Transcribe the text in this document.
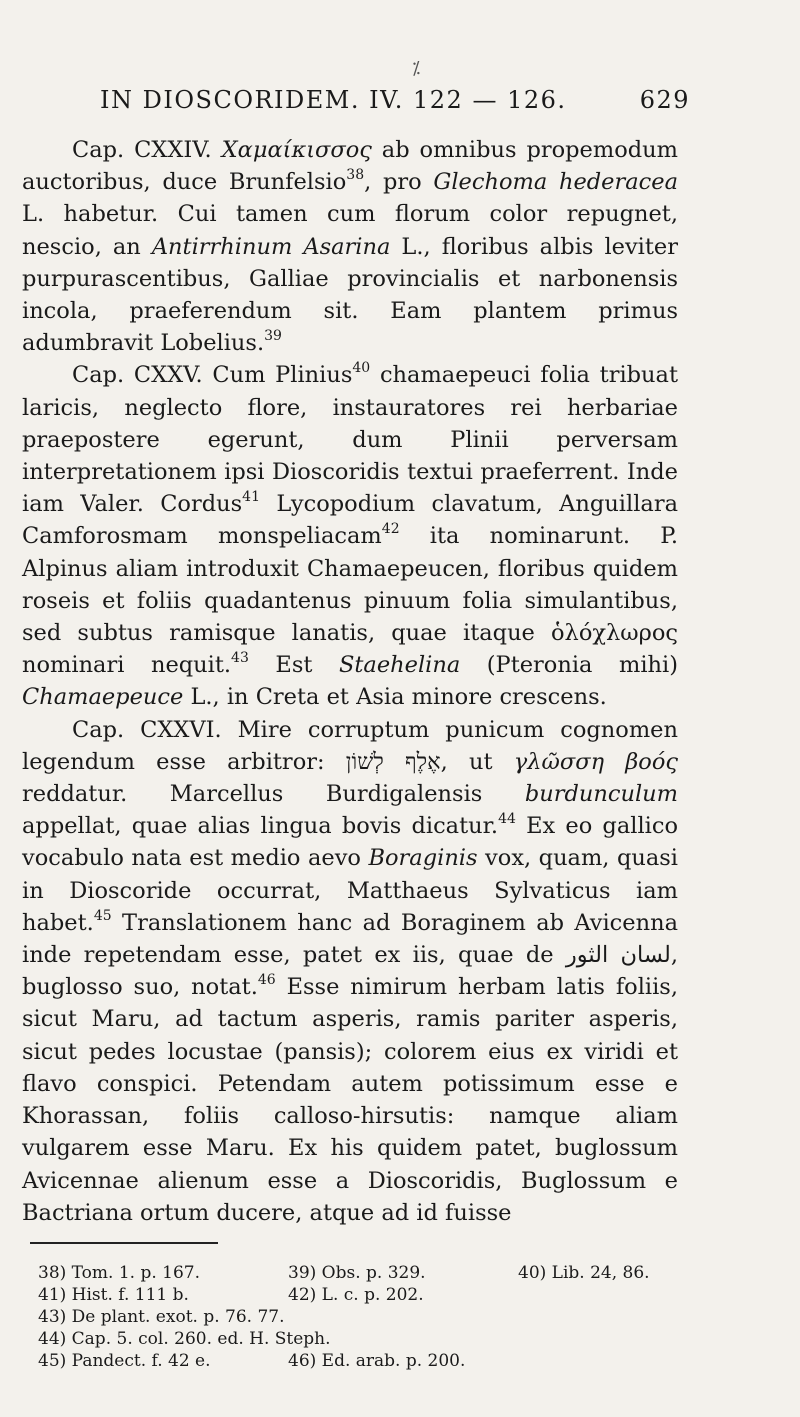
⁒
IN DIOSCORIDEM. IV. 122 — 126.	629

Cap. CXXIV. Χαμαίκισσος ab omnibus propemodum auctoribus, duce Brunfelsio$^{38}$, pro Glechoma hederacea L. habetur. Cui tamen cum florum color repugnet, nescio, an Antirrhinum Asarina L., floribus albis leviter purpurascentibus, Galliae provincialis et narbonensis incola, praeferendum sit. Eam plantem primus adumbravit Lobelius.$^{39}$

Cap. CXXV. Cum Plinius$^{40}$ chamaepeuci folia tribuat laricis, neglecto flore, instauratores rei herbariae praepostere egerunt, dum Plinii perversam interpretationem ipsi Dioscoridis textui praeferrent. Inde iam Valer. Cordus$^{41}$ Lycopodium clavatum, Anguillara Camforosmam monspeliacam$^{42}$ ita nominarunt. P. Alpinus aliam introduxit Chamaepeucen, floribus quidem roseis et foliis quadantenus pinuum folia simulantibus, sed subtus ramisque lanatis, quae itaque ὁλόχλωρος nominari nequit.$^{43}$ Est Staehelina (Pteronia mihi) Chamaepeuce L., in Creta et Asia minore crescens.

Cap. CXXVI. Mire corruptum punicum cognomen legendum esse arbitror: אֶלֶף לְשׁוֹן, ut γλῶσση βοός reddatur. Marcellus Burdigalensis burdunculum appellat, quae alias lingua bovis dicatur.$^{44}$ Ex eo gallico vocabulo nata est medio aevo Boraginis vox, quam, quasi in Dioscoride occurrat, Matthaeus Sylvaticus iam habet.$^{45}$ Translationem hanc ad Boraginem ab Avicenna inde repetendam esse, patet ex iis, quae de لسان الثور, buglosso suo, notat.$^{46}$ Esse nimirum herbam latis foliis, sicut Maru, ad tactum asperis, ramis pariter asperis, sicut pedes locustae (pansis); colorem eius ex viridi et flavo conspici. Petendam autem potissimum esse e Khorassan, foliis calloso-hirsutis: namque aliam vulgarem esse Maru. Ex his quidem patet, buglossum Avicennae alienum esse a Dioscoridis, Buglossum e Bactriana ortum ducere, atque ad id fuisse

38) Tom. 1. p. 167.	39) Obs. p. 329.	40) Lib. 24, 86.
41) Hist. f. 111 b.	42) L. c. p. 202.
43) De plant. exot. p. 76. 77.
44) Cap. 5. col. 260. ed. H. Steph.
45) Pandect. f. 42 e.	46) Ed. arab. p. 200.
